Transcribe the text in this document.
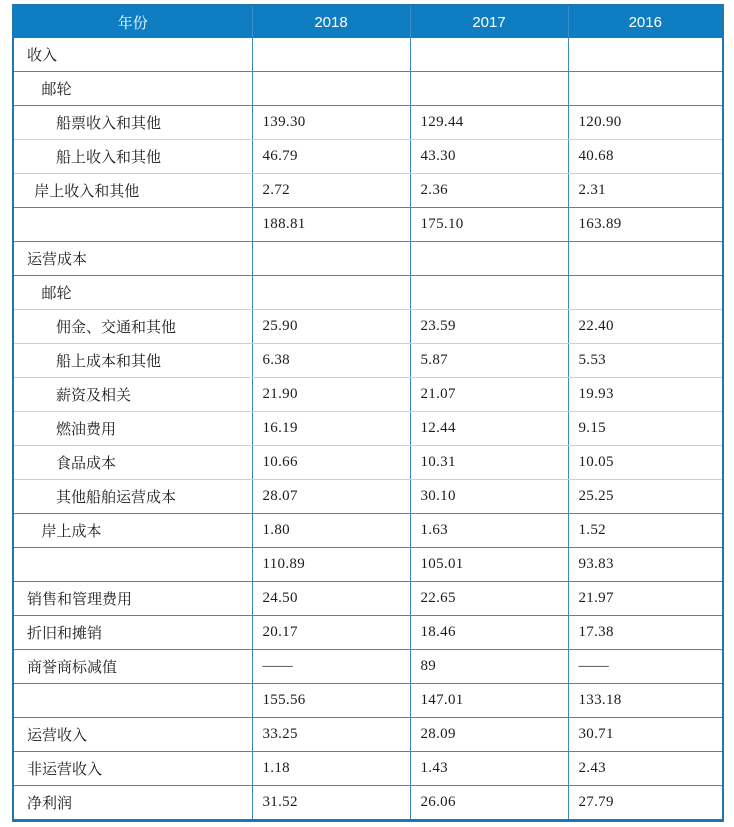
年份	2018	2017	2016
收入			
邮轮			
船票收入和其他	139.30	129.44	120.90
船上收入和其他	46.79	43.30	40.68
岸上收入和其他	2.72	2.36	2.31
	188.81	175.10	163.89
运营成本			
邮轮			
佣金、交通和其他	25.90	23.59	22.40
船上成本和其他	6.38	5.87	5.53
薪资及相关	21.90	21.07	19.93
燃油费用	16.19	12.44	9.15
食品成本	10.66	10.31	10.05
其他船舶运营成本	28.07	30.10	25.25
岸上成本	1.80	1.63	1.52
	110.89	105.01	93.83
销售和管理费用	24.50	22.65	21.97
折旧和摊销	20.17	18.46	17.38
商誉商标减值	——	89	——
	155.56	147.01	133.18
运营收入	33.25	28.09	30.71
非运营收入	1.18	1.43	2.43
净利润	31.52	26.06	27.79
